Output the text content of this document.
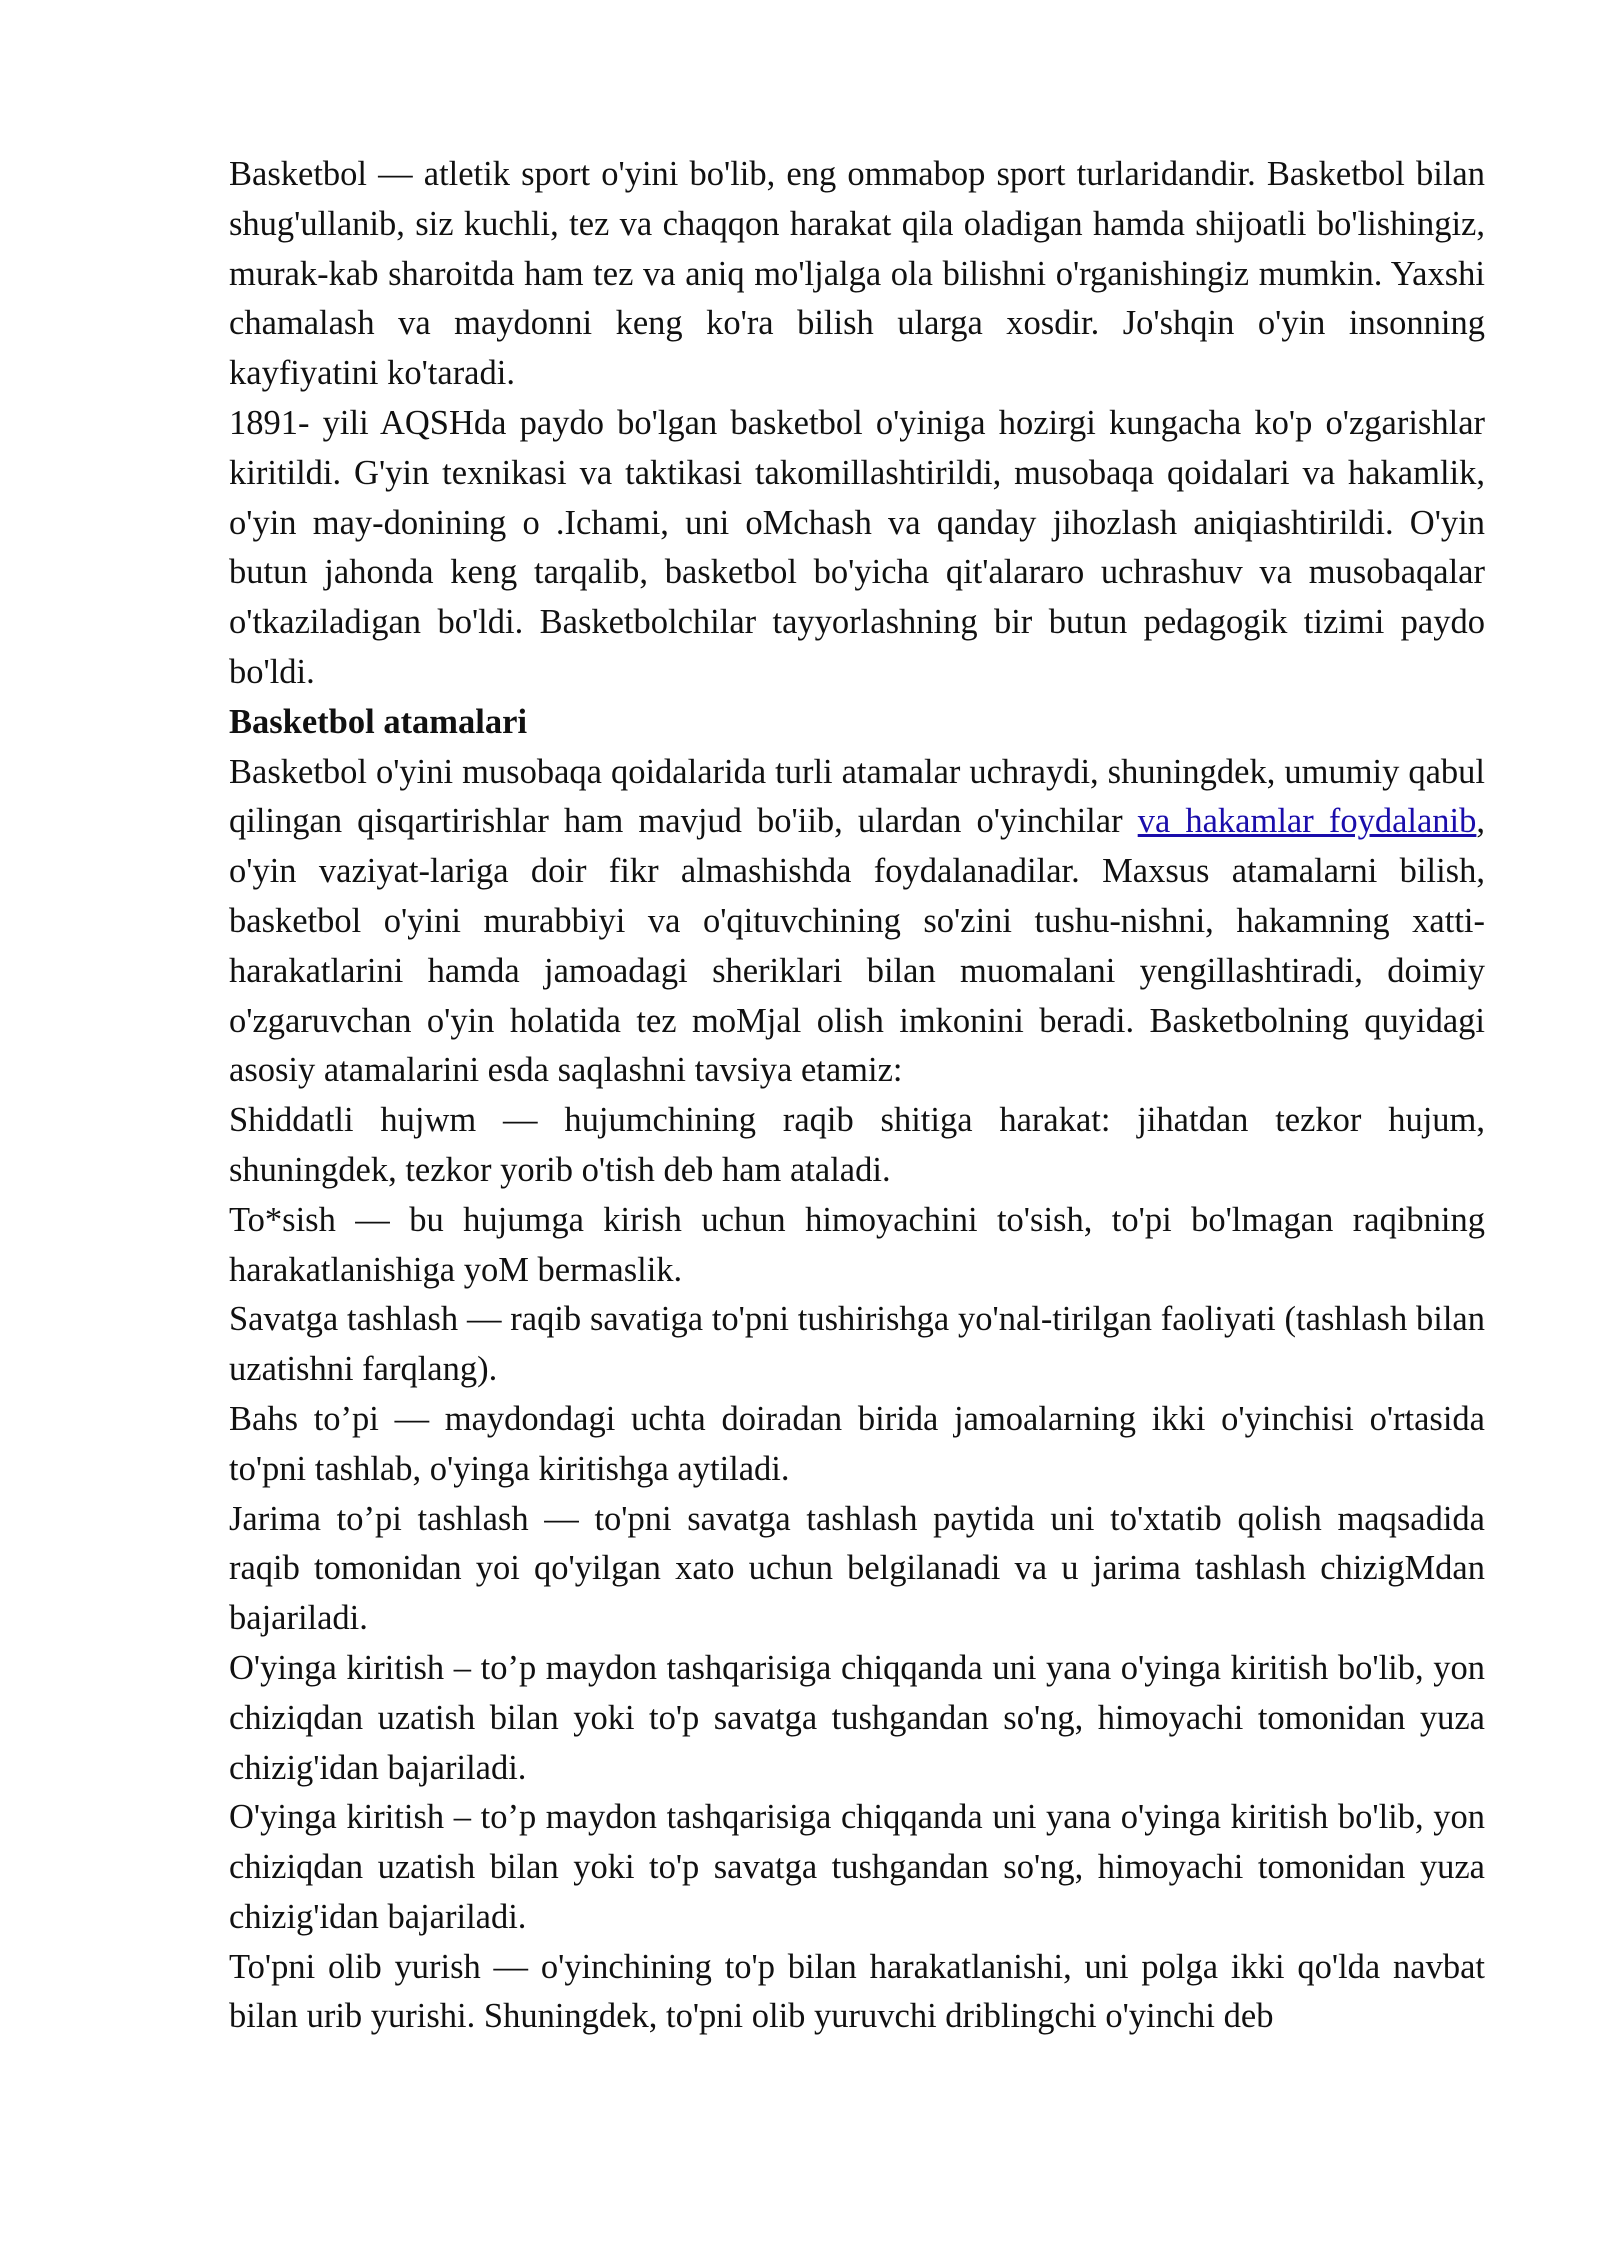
Basketbol — atletik sport o'yini bo'lib, eng ommabop sport turlaridandir. Basketbol bilan shug'ullanib, siz kuchli, tez va chaqqon harakat qila oladigan hamda shijoatli bo'lishingiz, murak-kab sharoitda ham tez va aniq mo'ljalga ola bilishni o'rganishingiz mumkin. Yaxshi chamalash va maydonni keng ko'ra bilish ularga xosdir. Jo'shqin o'yin insonning kayfiyatini ko'taradi.

1891- yili AQSHda paydo bo'lgan basketbol o'yiniga hozirgi kungacha ko'p o'zgarishlar kiritildi. G'yin texnikasi va taktikasi takomillashtirildi, musobaqa qoidalari va hakamlik, o'yin may-donining o .Ichami, uni oMchash va qanday jihozlash aniqiashtirildi. O'yin butun jahonda keng tarqalib, basketbol bo'yicha qit'alararo uchrashuv va musobaqalar o'tkaziladigan bo'ldi. Basketbolchilar tayyorlashning bir butun pedagogik tizimi paydo bo'ldi.

Basketbol atamalari

Basketbol o'yini musobaqa qoidalarida turli atamalar uchraydi, shuningdek, umumiy qabul qilingan qisqartirishlar ham mavjud bo'iib, ulardan o'yinchilar va hakamlar foydalanib, o'yin vaziyat-lariga doir fikr almashishda foydalanadilar. Maxsus atamalarni bilish, basketbol o'yini murabbiyi va o'qituvchining so'zini tushu-nishni, hakamning xatti-harakatlarini hamda jamoadagi sheriklari bilan muomalani yengillashtiradi, doimiy o'zgaruvchan o'yin holatida tez moMjal olish imkonini beradi. Basketbolning quyidagi asosiy atamalarini esda saqlashni tavsiya etamiz:

Shiddatli hujwm — hujumchining raqib shitiga harakat: jihatdan tezkor hujum, shuningdek, tezkor yorib o'tish deb ham ataladi.

To*sish — bu hujumga kirish uchun himoyachini to'sish, to'pi bo'lmagan raqibning harakatlanishiga yoM bermaslik.

Savatga tashlash — raqib savatiga to'pni tushirishga yo'nal-tirilgan faoliyati (tashlash bilan uzatishni farqlang).

Bahs to’pi — maydondagi uchta doiradan birida jamoalarning ikki o'yinchisi o'rtasida to'pni tashlab, o'yinga kiritishga aytiladi.

Jarima to’pi tashlash — to'pni savatga tashlash paytida uni to'xtatib qolish maqsadida raqib tomonidan yoi qo'yilgan xato uchun belgilanadi va u jarima tashlash chizigMdan bajariladi.

O'yinga kiritish – to’p maydon tashqarisiga chiqqanda uni yana o'yinga kiritish bo'lib, yon chiziqdan uzatish bilan yoki to'p savatga tushgandan so'ng, himoyachi tomonidan yuza chizig'idan bajariladi.

O'yinga kiritish – to’p maydon tashqarisiga chiqqanda uni yana o'yinga kiritish bo'lib, yon chiziqdan uzatish bilan yoki to'p savatga tushgandan so'ng, himoyachi tomonidan yuza chizig'idan bajariladi.

To'pni olib yurish — o'yinchining to'p bilan harakatlanishi, uni polga ikki qo'lda navbat bilan urib yurishi. Shuningdek, to'pni olib yuruvchi driblingchi o'yinchi deb
